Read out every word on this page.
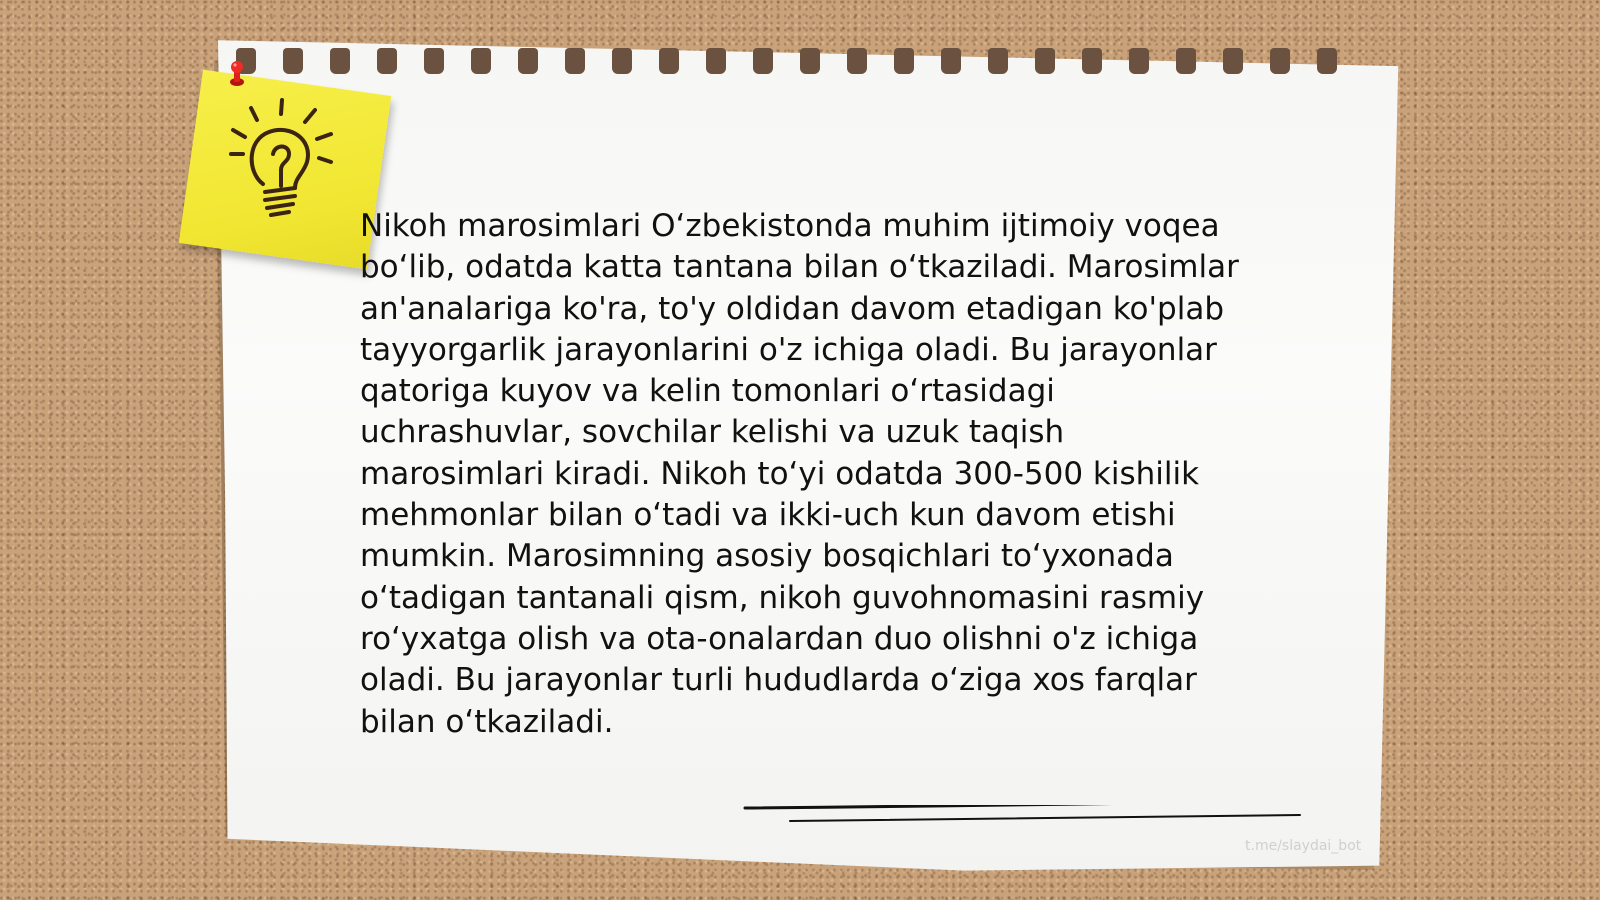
Nikoh marosimlari O‘zbekistonda muhim ijtimoiy voqea bo‘lib, odatda katta tantana bilan o‘tkaziladi. Marosimlar an'analariga ko'ra, to'y oldidan davom etadigan ko'plab tayyorgarlik jarayonlarini o'z ichiga oladi. Bu jarayonlar qatoriga kuyov va kelin tomonlari o‘rtasidagi uchrashuvlar, sovchilar kelishi va uzuk taqish marosimlari kiradi. Nikoh to‘yi odatda 300-500 kishilik mehmonlar bilan o‘tadi va ikki-uch kun davom etishi mumkin. Marosimning asosiy bosqichlari to‘yxonada o‘tadigan tantanali qism, nikoh guvohnomasini rasmiy ro‘yxatga olish va ota-onalardan duo olishni o'z ichiga oladi. Bu jarayonlar turli hududlarda o‘ziga xos farqlar bilan o‘tkaziladi.

t.me/slaydai_bot
